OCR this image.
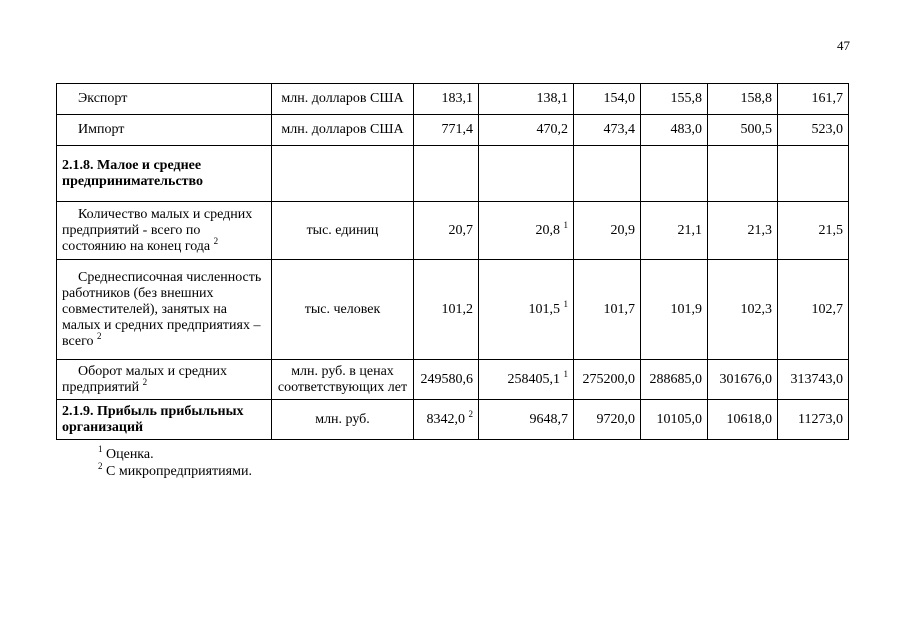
47
Экспорт	млн. долларов США	183,1	138,1	154,0	155,8	158,8	161,7

Импорт	млн. долларов США	771,4	470,2	473,4	483,0	500,5	523,0
2.1.8. Малое и среднее предпринимательство							

Количество малых и средних предприятий - всего по состоянию на конец года $^2$	тыс. единиц	20,7	20,8 $^1$	20,9	21,1	21,3	21,5

Среднесписочная численность работников (без внешних совместителей), занятых на малых и средних предприятиях – всего $^2$	тыс. человек	101,2	101,5 $^1$	101,7	101,9	102,3	102,7

Оборот малых и средних предприятий $^2$	млн. руб. в ценах соответствующих лет	249580,6	258405,1 $^1$	275200,0	288685,0	301676,0	313743,0
2.1.9. Прибыль прибыльных организаций	млн. руб.	8342,0 $^2$	9648,7	9720,0	10105,0	10618,0	11273,0
$^1$ Оценка.
$^2$ С микропредприятиями.
